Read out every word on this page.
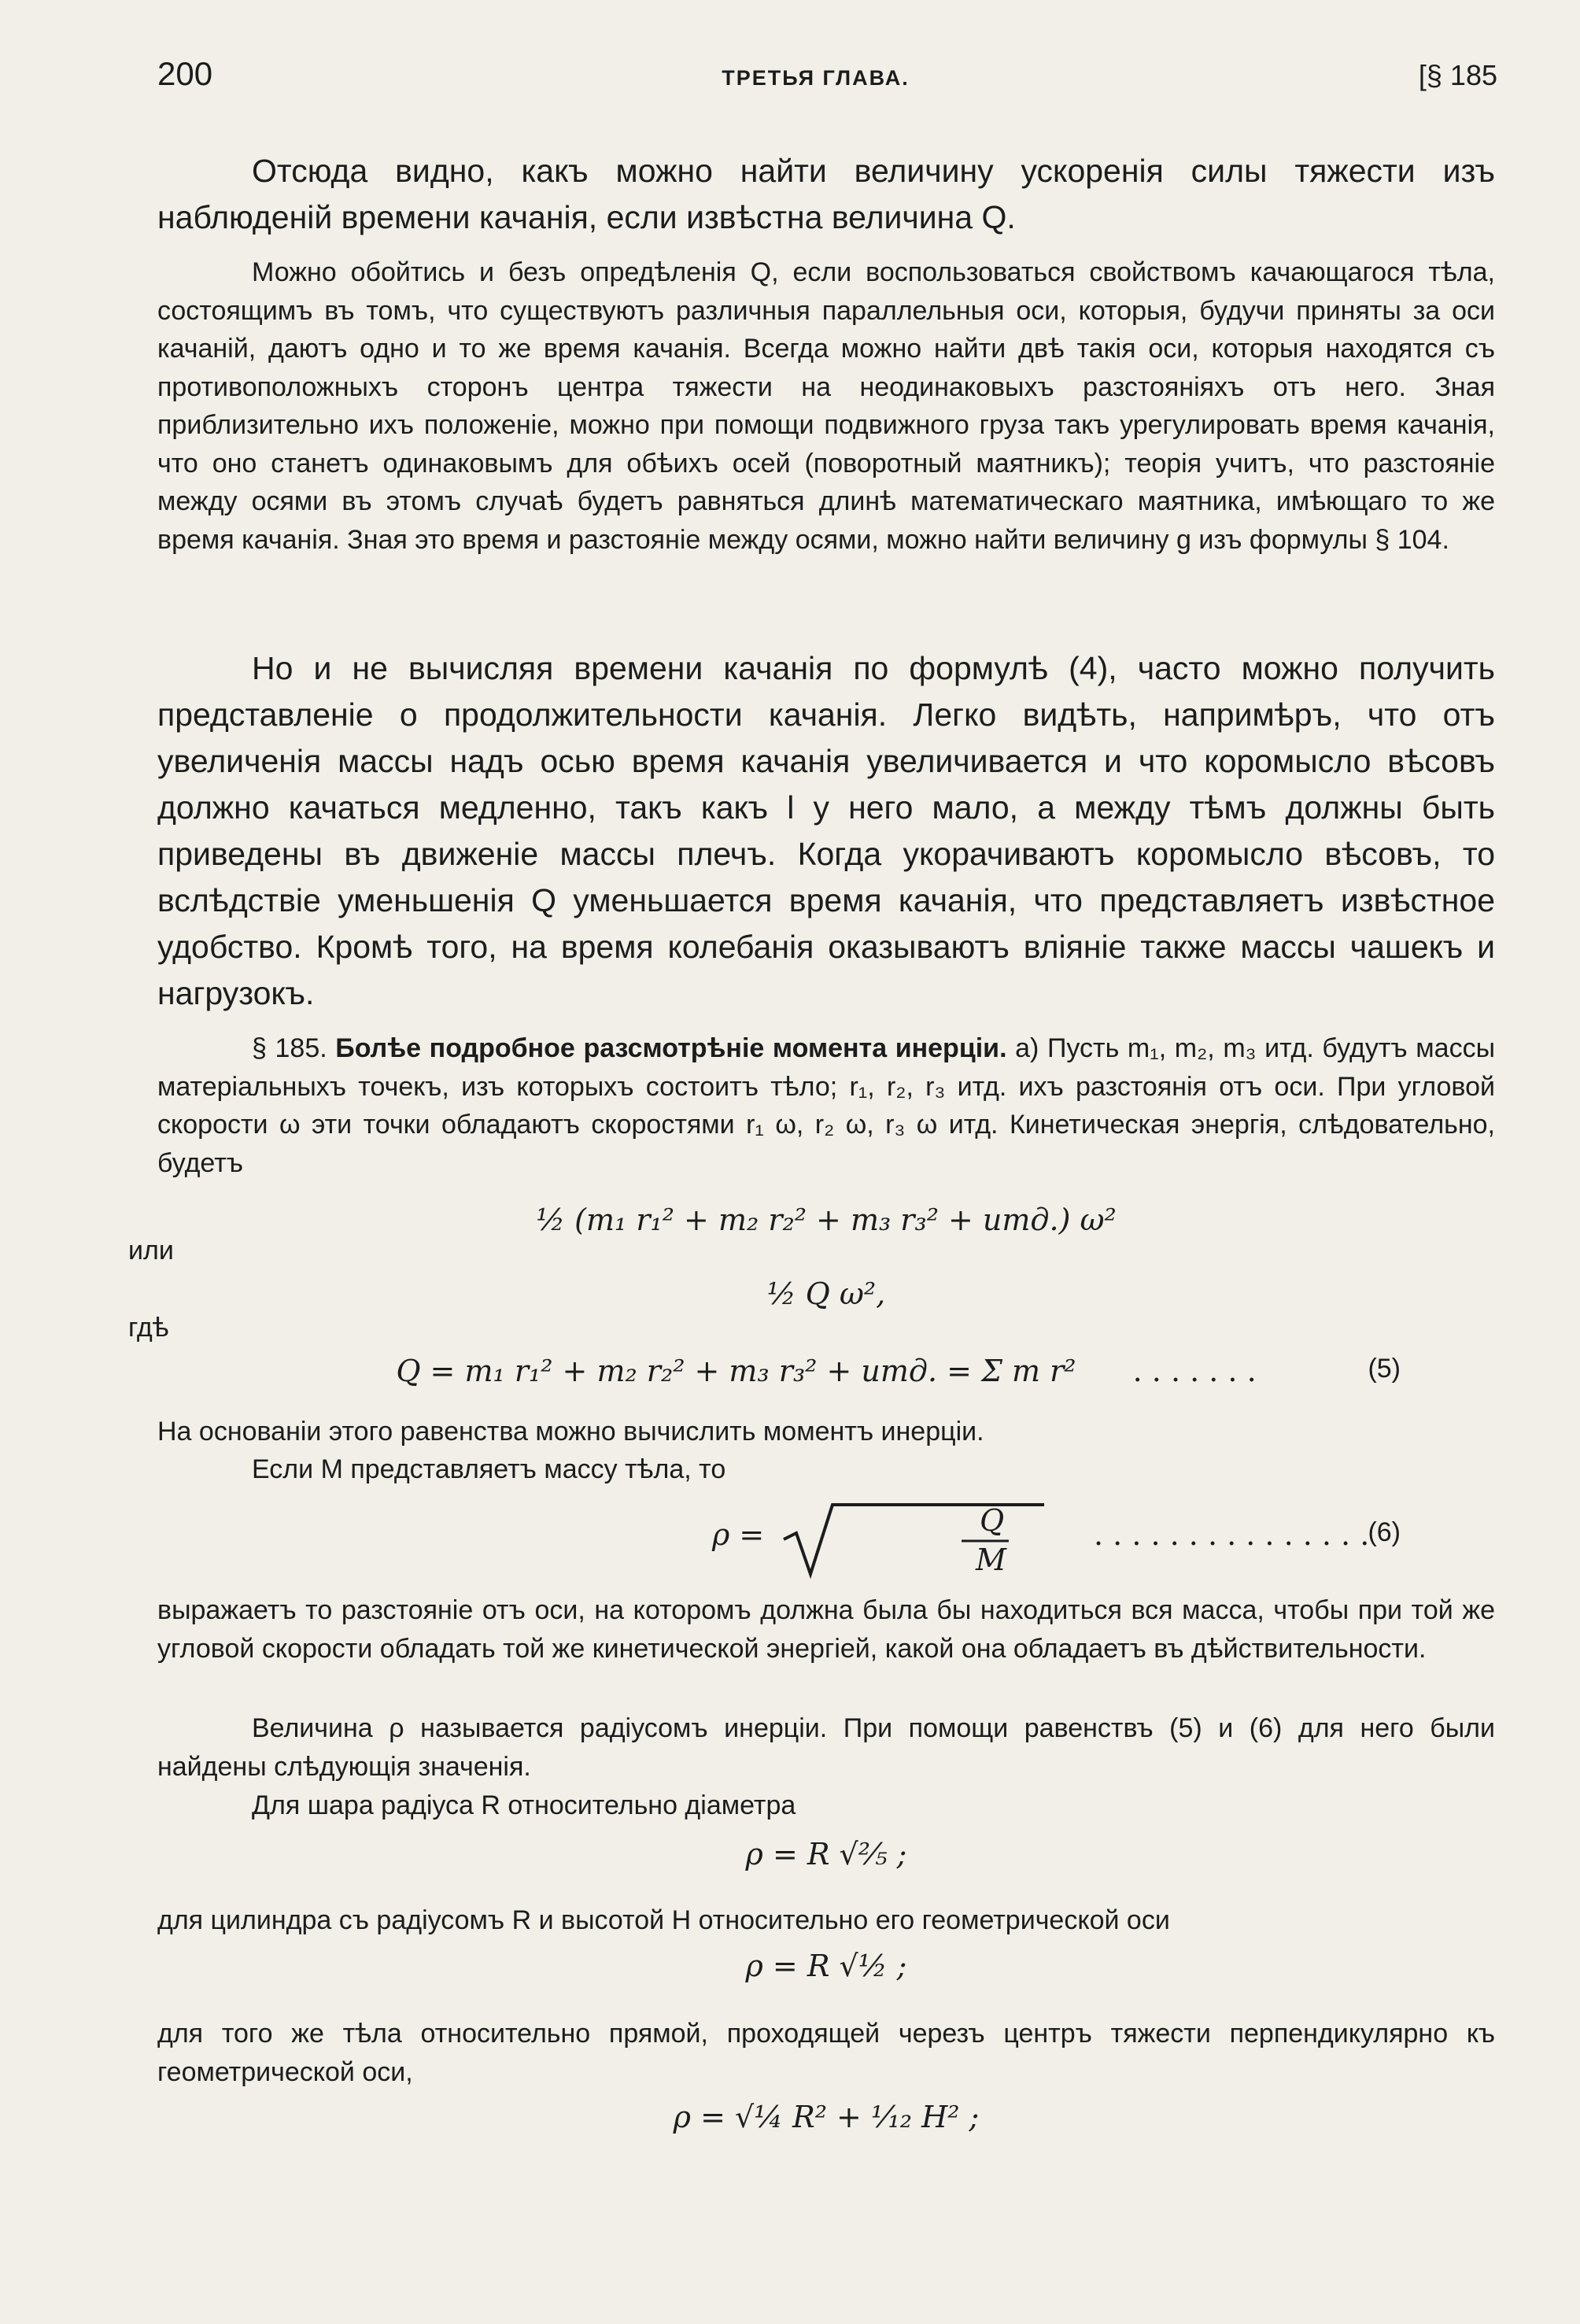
200	ТРЕТЬЯ ГЛАВА.	[§ 185

Отсюда видно, какъ можно найти величину ускоренія силы тяжести изъ наблюденій времени качанія, если извѣстна величина Q.

Можно обойтись и безъ опредѣленія Q, если воспользоваться свойствомъ качающагося тѣла, состоящимъ въ томъ, что существуютъ различныя параллельныя оси, которыя, будучи приняты за оси качаній, даютъ одно и то же время качанія. Всегда можно найти двѣ такія оси, которыя находятся съ противоположныхъ сторонъ центра тяжести на неодинаковыхъ разстояніяхъ отъ него. Зная приблизительно ихъ положеніе, можно при помощи подвижного груза такъ урегулировать время качанія, что оно станетъ одинаковымъ для обѣихъ осей (поворотный маятникъ); теорія учитъ, что разстояніе между осями въ этомъ случаѣ будетъ равняться длинѣ математическаго маятника, имѣющаго то же время качанія. Зная это время и разстояніе между осями, можно найти величину g изъ формулы § 104.

Но и не вычисляя времени качанія по формулѣ (4), часто можно получить представленіе о продолжительности качанія. Легко видѣть, напримѣръ, что отъ увеличенія массы надъ осью время качанія увеличивается и что коромысло вѣсовъ должно качаться медленно, такъ какъ l у него мало, а между тѣмъ должны быть приведены въ движеніе массы плечъ. Когда укорачиваютъ коромысло вѣсовъ, то вслѣдствіе уменьшенія Q уменьшается время качанія, что представляетъ извѣстное удобство. Кромѣ того, на время колебанія оказываютъ вліяніе также массы чашекъ и нагрузокъ.

§ 185. Болѣе подробное разсмотрѣніе момента инерціи. а) Пусть m₁, m₂, m₃ итд. будутъ массы матеріальныхъ точекъ, изъ которыхъ состоитъ тѣло; r₁, r₂, r₃ итд. ихъ разстоянія отъ оси. При угловой скорости ω эти точки обладаютъ скоростями r₁ ω, r₂ ω, r₃ ω итд. Кинетическая энергія, слѣдовательно, будетъ

½ (m₁ r₁² + m₂ r₂² + m₃ r₃² + итд.) ω²

или

½ Q ω²,

гдѣ

Q = m₁ r₁² + m₂ r₂² + m₃ r₃² + итд. = Σ m r² . . . . . . .	(5)

На основаніи этого равенства можно вычислить моментъ инерціи.

Если M представляетъ массу тѣла, то

ρ =	Q
M
. . . . . . . . . . . . . . .
(6)

выражаетъ то разстояніе отъ оси, на которомъ должна была бы находиться вся масса, чтобы при той же угловой скорости обладать той же кинетической энергіей, какой она обладаетъ въ дѣйствительности.

Величина ρ называется радіусомъ инерціи. При помощи равенствъ (5) и (6) для него были найдены слѣдующія значенія.

Для шара радіуса R относительно діаметра

ρ = R √²⁄₅ ;

для цилиндра съ радіусомъ R и высотой H относительно его геометрической оси

ρ = R √½ ;

для того же тѣла относительно прямой, проходящей черезъ центръ тяжести перпендикулярно къ геометрической оси,

ρ = √¼ R² + ¹⁄₁₂ H² ;
